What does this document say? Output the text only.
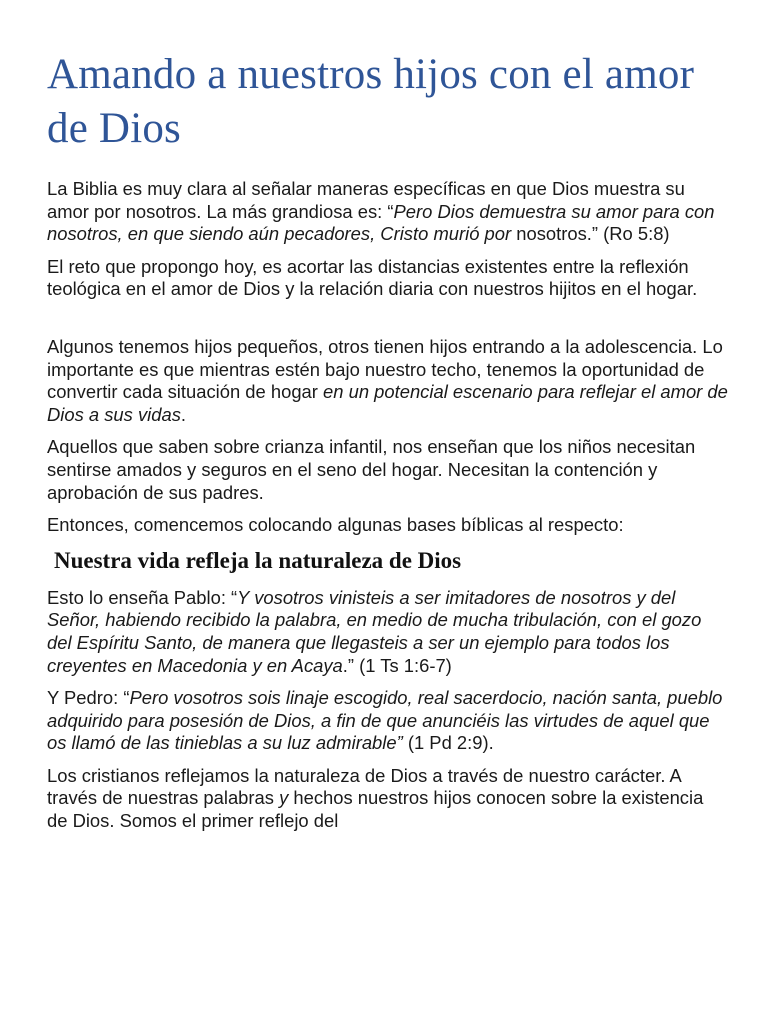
Amando a nuestros hijos con el amor de Dios

La Biblia es muy clara al señalar maneras específicas en que Dios muestra su amor por nosotros. La más grandiosa es: “Pero Dios demuestra su amor para con nosotros, en que siendo aún pecadores, Cristo murió por nosotros.” (Ro 5:8)

El reto que propongo hoy, es acortar las distancias existentes entre la reflexión teológica en el amor de Dios y la relación diaria con nuestros hijitos en el hogar.

Algunos tenemos hijos pequeños, otros tienen hijos entrando a la adolescencia. Lo importante es que mientras estén bajo nuestro techo, tenemos la oportunidad de convertir cada situación de hogar en un potencial escenario para reflejar el amor de Dios a sus vidas.

Aquellos que saben sobre crianza infantil, nos enseñan que los niños necesitan sentirse amados y seguros en el seno del hogar. Necesitan la contención y aprobación de sus padres.

Entonces, comencemos colocando algunas bases bíblicas al respecto:

Nuestra vida refleja la naturaleza de Dios

Esto lo enseña Pablo: “Y vosotros vinisteis a ser imitadores de nosotros y del Señor, habiendo recibido la palabra, en medio de mucha tribulación, con el gozo del Espíritu Santo, de manera que llegasteis a ser un ejemplo para todos los creyentes en Macedonia y en Acaya.” (1 Ts 1:6-7)

Y Pedro: “Pero vosotros sois linaje escogido, real sacerdocio, nación santa, pueblo adquirido para posesión de Dios, a fin de que anunciéis las virtudes de aquel que os llamó de las tinieblas a su luz admirable” (1 Pd 2:9).

Los cristianos reflejamos la naturaleza de Dios a través de nuestro carácter. A través de nuestras palabras y hechos nuestros hijos conocen sobre la existencia de Dios. Somos el primer reflejo del
